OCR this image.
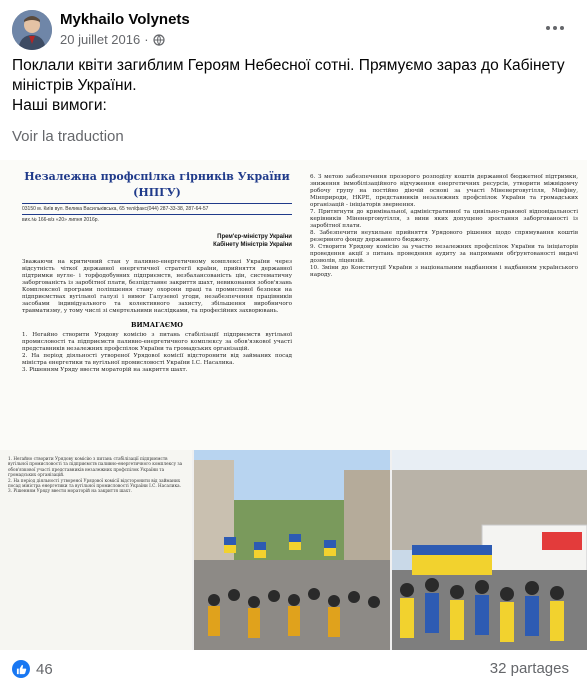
Mykhailo Volynets
20 juillet 2016 ·
Поклали квіти загиблим Героям Небесної сотні. Прямуємо зараз до Кабінету
міністрів України.
Наші вимоги:
Voir la traduction
Незалежна профспілка гірників України
(НПГУ)
03150 м. Київ вул. Велика Васильківська, 65 тел/факс(044) 287-33-38, 287-64-57
вих.№ 166-в/з «20» липня 2016р.
Прем'єр-міністру України
Кабінету Міністрів України
Зважаючи на критичний стан у паливно-енергетичному комплексі України через відсутність чіткої державної енергетичної стратегії країни, прийняття державної підтримки вугле- і торфодобувних підприємств, незбалансованість цін, систематичну заборгованість із заробітної плати, безпідставне закриття шахт, невиконання зобов'язань Комплексної програми поліпшення стану охорони праці та промислової безпеки на підприємствах вугільної галузі і вимог Галузевої угоди, незабезпечення працівників засобами індивідуального та колективного захисту, збільшення виробничого травматизму, у тому числі зі смертельними наслідками, та професійних захворювань.
ВИМАГАЄМО
1. Негайно створити Урядову комісію з питань стабілізації підприємств вугільної промисловості та підприємств паливно-енергетичного комплексу за обов'язкової участі представників незалежних профспілок України та громадських організацій.
2. На період діяльності утвореної Урядової комісії відсторонити від займаних посад міністра енергетики та вугільної промисловості України І.С. Насалика.
3. Рішенням Уряду ввести мораторій на закриття шахт.
6. З метою забезпечення прозорого розподілу коштів державної бюджетної підтримки, зниження іммобілізаційного відчуження енергетичних ресурсів, утворити міжвідомчу робочу групу на постійно діючій основі за участі Міненерговугілля, Мінфіну, Мінприроди, НКРЕ, представників незалежних профспілок України та громадських організацій - ініціаторів звернення.
7. Притягнути до кримінальної, адміністративної та цивільно-правової відповідальності керівників Міненерговугілля, з вини яких допущено зростання заборгованості із заробітної плати.
8. Забезпечити неухильне прийняття Урядового рішення щодо спрямування коштів резервного фонду державного бюджету.
9. Створити Урядову комісію за участю незалежних профспілок України та ініціаторів проведення акції з питань проведення аудиту за напрямами обґрунтованості видачі дозволів, ліцензій.
10. Зміни до Конституції України з національним надбанням і надбанням українського народу.

1. Негайно створити Урядову комісію з питань стабілізації підприємств вугільної промисловості та підприємств паливно-енергетичного комплексу за обов'язкової участі представників незалежних профспілок України та громадських організацій.
2. На період діяльності утвореної Урядової комісії відсторонити від займаних посад міністра енергетики та вугільної промисловості України І.С. Насалика.
3. Рішенням Уряду ввести мораторій на закриття шахт.

46	32 partages
